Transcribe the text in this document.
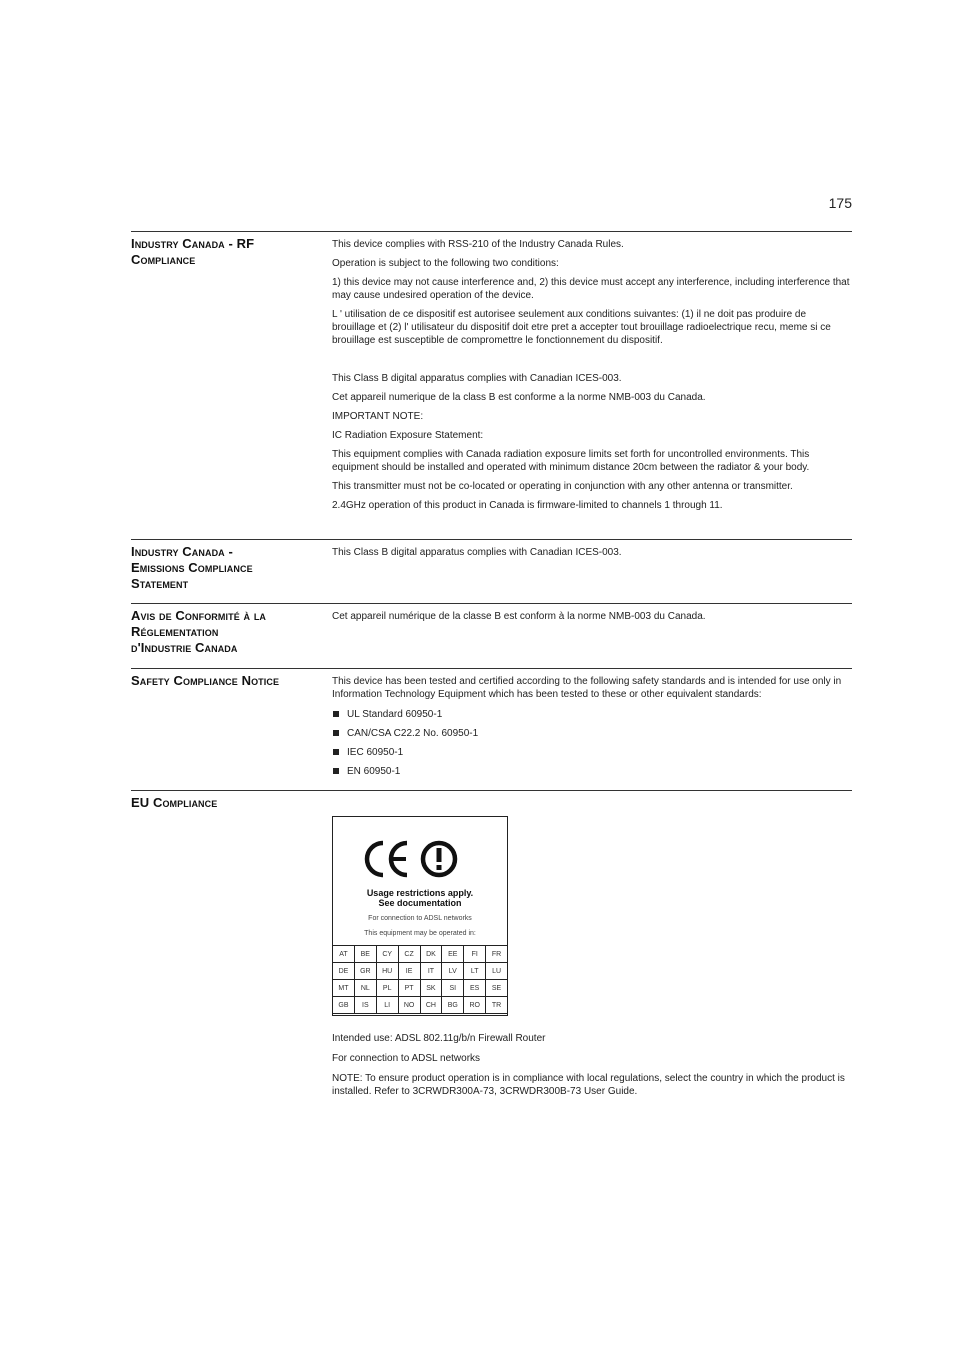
175
Industry Canada - RF
Compliance

This device complies with RSS-210 of the Industry Canada Rules.

Operation is subject to the following two conditions:

1) this device may not cause interference and, 2) this device must accept any interference, including interference that may cause undesired operation of the device.

L ' utilisation de ce dispositif est autorisee seulement aux conditions suivantes: (1) il ne doit pas produire de brouillage et (2) l' utilisateur du dispositif doit etre pret a accepter tout brouillage radioelectrique recu, meme si ce brouillage est susceptible de compromettre le fonctionnement du dispositif.

This Class B digital apparatus complies with Canadian ICES-003.

Cet appareil numerique de la class B est conforme a la norme NMB-003 du Canada.

IMPORTANT NOTE:

IC Radiation Exposure Statement:

This equipment complies with Canada radiation exposure limits set forth for uncontrolled environments. This equipment should be installed and operated with minimum distance 20cm between the radiator & your body.

This transmitter must not be co-located or operating in conjunction with any other antenna or transmitter.

2.4GHz operation of this product in Canada is firmware-limited to channels 1 through 11.

Industry Canada -
Emissions Compliance
Statement

This Class B digital apparatus complies with Canadian ICES-003.

Avis de Conformité à la
Réglementation
d'Industrie Canada

Cet appareil numérique de la classe B est conform à la norme NMB-003 du Canada.

Safety Compliance Notice	This device has been tested and certified according to the following safety standards and is intended for use only in Information Technology Equipment which has been tested to these or other equivalent standards:

UL Standard 60950-1
CAN/CSA C22.2 No. 60950-1
IEC 60950-1
EN 60950-1
EU Compliance
Usage restrictions apply.
See documentation
For connection to ADSL networks
This equipment may be operated in:
AT	BE	CY	CZ	DK	EE	FI	FR
DE	GR	HU	IE	IT	LV	LT	LU
MT	NL	PL	PT	SK	SI	ES	SE
GB	IS	LI	NO	CH	BG	RO	TR

Intended use: ADSL 802.11g/b/n Firewall Router

For connection to ADSL networks

NOTE: To ensure product operation is in compliance with local regulations, select the country in which the product is installed. Refer to 3CRWDR300A-73, 3CRWDR300B-73 User Guide.
